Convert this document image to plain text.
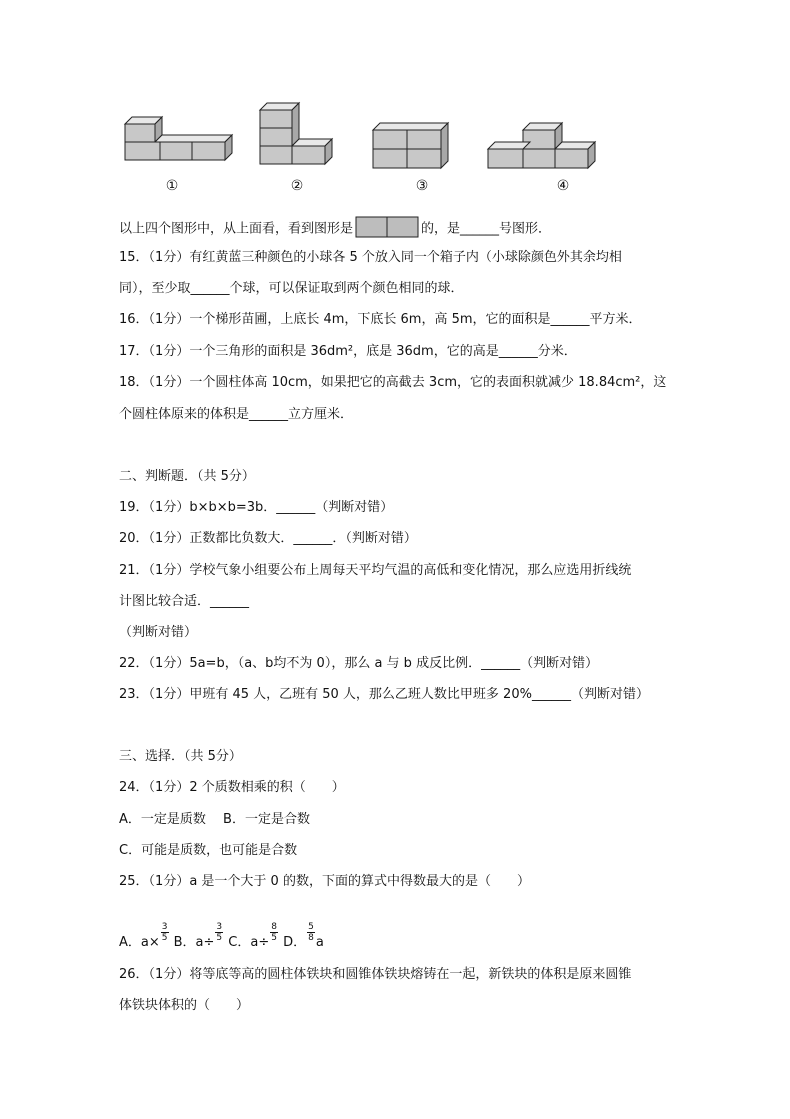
①	②	③	④
以上四个图形中，从上面看，看到图形是	的，是______号图形．
15．（1分）有红黄蓝三种颜色的小球各 5 个放入同一个箱子内（小球除颜色外其余均相
同），至少取______个球，可以保证取到两个颜色相同的球．
16．（1分）一个梯形苗圃，上底长 4m，下底长 6m，高 5m，它的面积是______平方米．
17．（1分）一个三角形的面积是 36dm²，底是 36dm，它的高是______分米．
18．（1分）一个圆柱体高 10cm，如果把它的高截去 3cm，它的表面积就减少 18.84cm²，这
个圆柱体原来的体积是______立方厘米．
二、判断题．（共 5分）
19．（1分）b×b×b=3b．______（判断对错）
20．（1分）正数都比负数大．______．（判断对错）
21．（1分）学校气象小组要公布上周每天平均气温的高低和变化情况，那么应选用折线统
计图比较合适．______
（判断对错）
22．（1分）5a=b，（a、b均不为 0），那么 a 与 b 成反比例．______（判断对错）
23．（1分）甲班有 45 人，乙班有 50 人，那么乙班人数比甲班多 20%______（判断对错）
三、选择．（共 5分）
24．（1分）2 个质数相乘的积（　　）
A．一定是质数　 B．一定是合数
C．可能是质数，也可能是合数
25．（1分）a 是一个大于 0 的数，下面的算式中得数最大的是（　　）
A．$a\times \frac{3}{5}$ B．$a\div \frac{3}{5}$ C．$a\div \frac{8}{5}$ D． $\frac{5}{8}$ a
26．（1分）将等底等高的圆柱体铁块和圆锥体铁块熔铸在一起，新铁块的体积是原来圆锥
体铁块体积的（　　）
